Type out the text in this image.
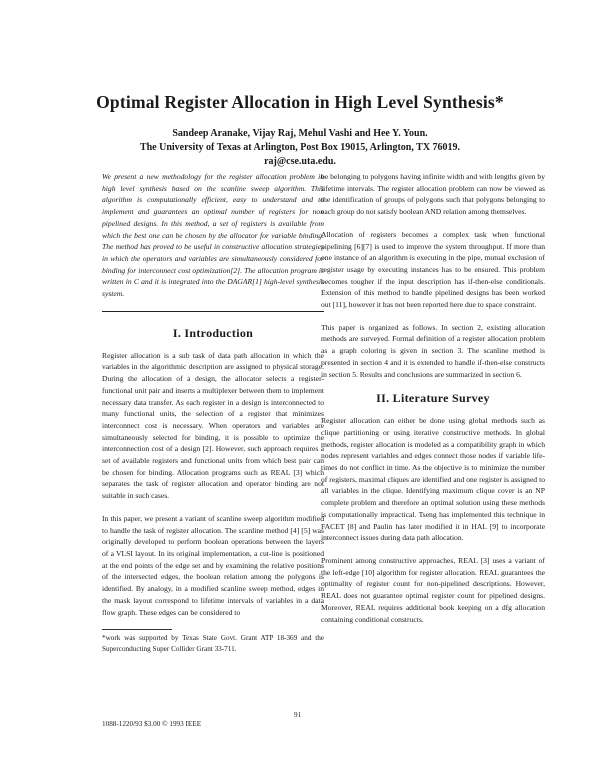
Optimal Register Allocation in High Level Synthesis*
Sandeep Aranake, Vijay Raj, Mehul Vashi and Hee Y. Youn.
The University of Texas at Arlington, Post Box 19015, Arlington, TX 76019.
raj@cse.uta.edu.

We present a new methodology for the register allocation problem in high level synthesis based on the scanline sweep algorithm. This algorithm is computationally efficient, easy to understand and to implement and guarantees an optimal number of registers for non pipelined designs. In this method, a set of registers is available from which the best one can be chosen by the allocator for variable binding. The method has proved to be useful in constructive allocation strategies in which the operators and variables are simultaneously considered for binding for interconnect cost optimization[2]. The allocation program is written in C and it is integrated into the DAGAR[1] high-level synthesis system.

I. Introduction

Register allocation is a sub task of data path allocation in which the variables in the algorithmic description are assigned to physical storage. During the allocation of a design, the allocator selects a register-functional unit pair and inserts a multiplexer between them to implement necessary data transfer. As each register in a design is interconnected to many functional units, the selection of a register that minimizes interconnect cost is necessary. When operators and variables are simultaneously selected for binding, it is possible to optimize the interconnection cost of a design [2]. However, such approach requires a set of available registers and functional units from which best pair can be chosen for binding. Allocation programs such as REAL [3] which separates the task of register allocation and operator binding are not suitable in such cases.

In this paper, we present a variant of scanline sweep algorithm modified to handle the task of register allocation. The scanline method [4] [5] was originally developed to perform boolean operations between the layers of a VLSI layout. In its original implementation, a cut-line is positioned at the end points of the edge set and by examining the relative positions of the intersected edges, the boolean relation among the polygons is identified. By analogy, in a modified scanline sweep method, edges in the mask layout correspond to lifetime intervals of variables in a data flow graph. These edges can be considered to

*work was supported by Texas State Govt. Grant ATP 18-369 and the Superconducting Super Collider Grant 33-711.

be belonging to polygons having infinite width and with lengths given by lifetime intervals. The register allocation problem can now be viewed as the identification of groups of polygons such that polygons belonging to each group do not satisfy boolean AND relation among themselves.

Allocation of registers becomes a complex task when functional pipelining [6][7] is used to improve the system throughput. If more than one instance of an algorithm is executing in the pipe, mutual exclusion of register usage by executing instances has to be ensured. This problem becomes tougher if the input description has if-then-else conditionals. Extension of this method to handle pipelined designs has been worked out [11], however it has not been reported here due to space constraint.

This paper is organized as follows. In section 2, existing allocation methods are surveyed. Formal definition of a register allocation problem as a graph coloring is given in section 3. The scanline method is presented in section 4 and it is extended to handle if-then-else constructs in section 5. Results and conclusions are summarized in section 6.

II. Literature Survey

Register allocation can either be done using global methods such as clique partitioning or using iterative constructive methods. In global methods, register allocation is modeled as a compatibility graph in which nodes represent variables and edges connect those nodes if variable life-times do not conflict in time. As the objective is to minimize the number of registers, maximal cliques are identified and one register is assigned to all variables in the clique. Identifying maximum clique cover is an NP complete problem and therefore an optimal solution using these methods is computationally impractical. Tseng has implemented this technique in FACET [8] and Paulin has later modified it in HAL [9] to incorporate interconnect issues during data path allocation.

Prominent among constructive approaches, REAL [3] uses a variant of the left-edge [10] algorithm for register allocation. REAL guarantees the optimality of register count for non-pipelined descriptions. However, REAL does not guarantee optimal register count for pipelined designs. Moreover, REAL requires additional book keeping on a dfg allocation containing conditional constructs.

91
1088-1220/93 $3.00 © 1993 IEEE
